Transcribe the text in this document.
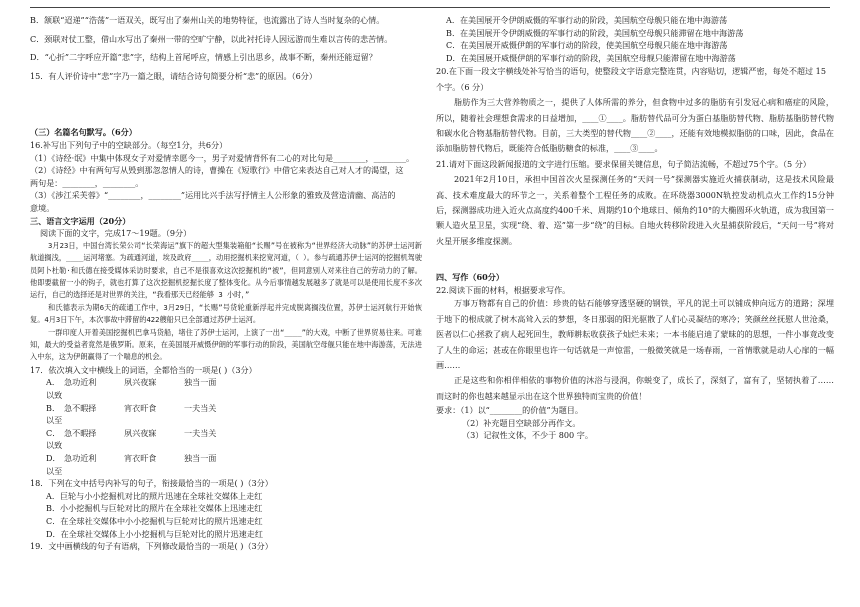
B．颔联“迢递”“浩荡”一语双关，既写出了秦州山关的地势特征，也流露出了诗人当时复杂的心情。
C．颈联对仗工整，借山水写出了秦州一带的空旷宁静，以此衬托诗人因远游而生难以言传的悲苦情。
D．“心折”二字呼应开篇“悲”字，结构上首尾呼应，情感上引出思乡，战事不断，秦州还能逗留？
15．有人评价诗中“悲”字乃一篇之眼，请结合诗句简要分析“悲”的原因。（6分）
（三）名篇名句默写。（6分）
16.补写出下列句子中的空缺部分。（每空1分，共6分）
（1）《诗经·氓》中集中体现女子对爱情幸愿今一，男子对爱情背怀有二心的对比句是________，________。
（2）《诗经》中有两句写从毁到那忽忽情人的诗，曹操在《短歌行》中借它来表达自己对人才的渴望，这
两句是：________，________。
（3）《涉江采芙蓉》“________，________”运用比兴手法写抒情主人公形象的雅致及营造清幽、高洁的
意境。
三、语言文字运用（20分）
阅读下面的文字，完成17～19题。（9分）
3月23日，中国台湾长荣公司“长荣海运”旗下的超大型集装箱船“长赐”号在被称为“世界经济大动脉”的苏伊士运河新航道搁浅，____运河堵塞。为疏通河道，埃及政府____，动用挖掘机来挖宽河道，（ ）。参与疏通苏伊士运河的挖掘机驾驶员阿卜杜勒·和氏德在接受媒体采访时要求，自己不是很喜欢这次挖掘机的“被”，但同意别人对来往自己的劳动力的了解。他即要截留一小的钩子，就也打算了这次挖掘机挖掘长度了整体变化。从今后事情越发展越多了就是可以是使用长度不多次运行，自己的选择还是对世界的关注，“我看那天已经能够 3 小时，”
和氏德表示为期6天的疏通工作中，3月29日，“长赐”号货轮重新浮起并完成脱离搁浅位置，苏伊士运河航行开始恢复。4月3日下午，本次事故中滞留的422艘船只已全部通过苏伊士运河。
一群印度人开着美国挖掘机巴拿马货船，堵住了苏伊士运河，上演了一出“____”的大戏，中断了世界贸易往来。可谁知，最大的受益者竟然是俄罗斯。原来，在美国展开威慑伊朗的军事行动的阶段，美国航空母舰只能在地中海游荡，无法进入中东，这为伊朗赢得了一个喘息的机会。
17．依次填入文中横线上的词语，全都恰当的一项是( )（3分）
A．以致
急功近利	夙兴夜寐	独当一面
B．以至
急不暇择	宵衣旰食	一夫当关
C．以致
急不暇择	夙兴夜寐	一夫当关
D．以至
急功近利	宵衣旰食	独当一面
18．下列在文中括号内补写的句子，衔接最恰当的一项是( )（3分）
A．巨轮与小小挖掘机对比的照片迅速在全球社交媒体上走红
B．小小挖掘机与巨轮对比的照片在全球社交媒体上迅速走红
C．在全球社交媒体中小小挖掘机与巨轮对比的照片迅速走红
D．在全球社交媒体上小小挖掘机与巨轮对比的照片迅速走红
19．文中画横线的句子有语病，下列修改最恰当的一项是( )（3分）
A．在美国展开令伊朗威慑的军事行动的阶段，美国航空母舰只能在地中海游荡
B．在美国展开令伊朗威慑的军事行动的阶段，美国航空母舰只能滞留在地中海游荡
C．在美国展开威慑伊朗的军事行动的阶段，使美国航空母舰只能在地中海游荡
D．在美国展开威慑伊朗的军事行动的阶段，美国航空母舰只能滞留在地中海游荡
20.在下面一段文字横线处补写恰当的语句，使整段文字语意完整连贯，内容贴切，逻辑严密，每处不超过 15 个字。（6 分）
脂肪作为三大营养物质之一，提供了人体所需的养分，但食物中过多的脂肪有引发冠心病和癌症的风险，所以，随着社会理想食需求的日益增加，____①____。脂肪替代品可分为蛋白基脂肪替代物、脂肪基脂肪替代物和碳水化合物基脂肪替代物。目前，三大类型的替代物____②____，还能有效地模拟脂肪的口味，因此，食品在添加脂肪替代物后，既能符合低脂肪糖食的标准，____③____。
21.请对下面这段新闻报道的文字进行压缩。要求保留关键信息，句子简洁流畅，不超过75个字。（5 分）
2021年2月10日，承担中国首次火星探测任务的“天问一号”探测器实施近火捕获制动，这是技术风险最高、技术难度最大的环节之一，关系着整个工程任务的成败。在环绕器3000N轨控发动机点火工作约15分钟后，探测器成功进入近火点高度约400千米、周期约10个地球日、倾角约10°的大椭圆环火轨道，成为我国第一颗人造火星卫星，实现“绕、着、巡”第一步“绕”的目标。自地火转移阶段进入火星捕获阶段后，“天问一号”将对火星开展多维度探测。
四、写作（60分）
22.阅读下面的材料，根据要求写作。
万事万物都有自己的价值：珍贵的钻石能够穿透坚硬的钢铁，平凡的泥土可以铺成伸向远方的道路；深埋于地下的根成就了树木高耸入云的梦想，冬日那弱的阳光驱散了人们心灵凝结的寒冷；笑颜丝丝抚慰人世沧桑，医者以仁心拯救了病人起死回生，教师耕耘收获孩子灿烂未来；一本书能启迪了蒙昧的的思想，一件小事竟改变了人生的命运；甚或在你眼里也许一句话就是一声惊雷，一般微笑就是一场春雨，一首情歌就是动人心扉的一幅画……
正是这些和你相伴相依的事物价值的沐浴与浸润，你蜕变了，成长了，深刻了，富有了，坚韧执着了……而这时的你也越来越显示出在这个世界独特而宝贵的价值！
要求：（1）以“________的价值”为题目。
（2）补充题目空缺部分再作文。
（3）记叙性文体，不少于 800 字。
